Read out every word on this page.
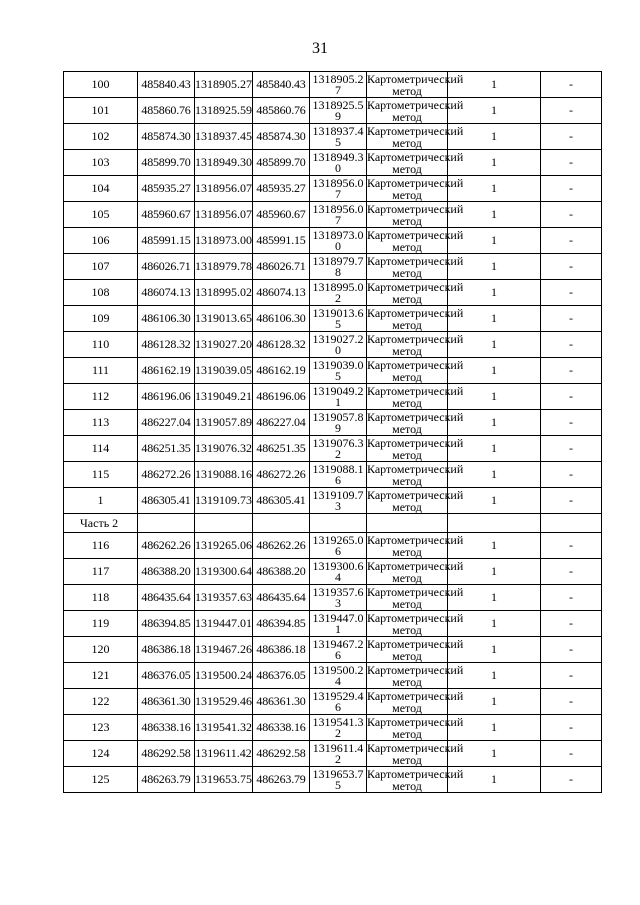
31
100	485840.43	1318905.27	485840.43	1318905.27	Картометрический метод	1	-
101	485860.76	1318925.59	485860.76	1318925.59	Картометрический метод	1	-
102	485874.30	1318937.45	485874.30	1318937.45	Картометрический метод	1	-
103	485899.70	1318949.30	485899.70	1318949.30	Картометрический метод	1	-
104	485935.27	1318956.07	485935.27	1318956.07	Картометрический метод	1	-
105	485960.67	1318956.07	485960.67	1318956.07	Картометрический метод	1	-
106	485991.15	1318973.00	485991.15	1318973.00	Картометрический метод	1	-
107	486026.71	1318979.78	486026.71	1318979.78	Картометрический метод	1	-
108	486074.13	1318995.02	486074.13	1318995.02	Картометрический метод	1	-
109	486106.30	1319013.65	486106.30	1319013.65	Картометрический метод	1	-
110	486128.32	1319027.20	486128.32	1319027.20	Картометрический метод	1	-
111	486162.19	1319039.05	486162.19	1319039.05	Картометрический метод	1	-
112	486196.06	1319049.21	486196.06	1319049.21	Картометрический метод	1	-
113	486227.04	1319057.89	486227.04	1319057.89	Картометрический метод	1	-
114	486251.35	1319076.32	486251.35	1319076.32	Картометрический метод	1	-
115	486272.26	1319088.16	486272.26	1319088.16	Картометрический метод	1	-
1	486305.41	1319109.73	486305.41	1319109.73	Картометрический метод	1	-
Часть 2							
116	486262.26	1319265.06	486262.26	1319265.06	Картометрический метод	1	-
117	486388.20	1319300.64	486388.20	1319300.64	Картометрический метод	1	-
118	486435.64	1319357.63	486435.64	1319357.63	Картометрический метод	1	-
119	486394.85	1319447.01	486394.85	1319447.01	Картометрический метод	1	-
120	486386.18	1319467.26	486386.18	1319467.26	Картометрический метод	1	-
121	486376.05	1319500.24	486376.05	1319500.24	Картометрический метод	1	-
122	486361.30	1319529.46	486361.30	1319529.46	Картометрический метод	1	-
123	486338.16	1319541.32	486338.16	1319541.32	Картометрический метод	1	-
124	486292.58	1319611.42	486292.58	1319611.42	Картометрический метод	1	-
125	486263.79	1319653.75	486263.79	1319653.75	Картометрический метод	1	-
